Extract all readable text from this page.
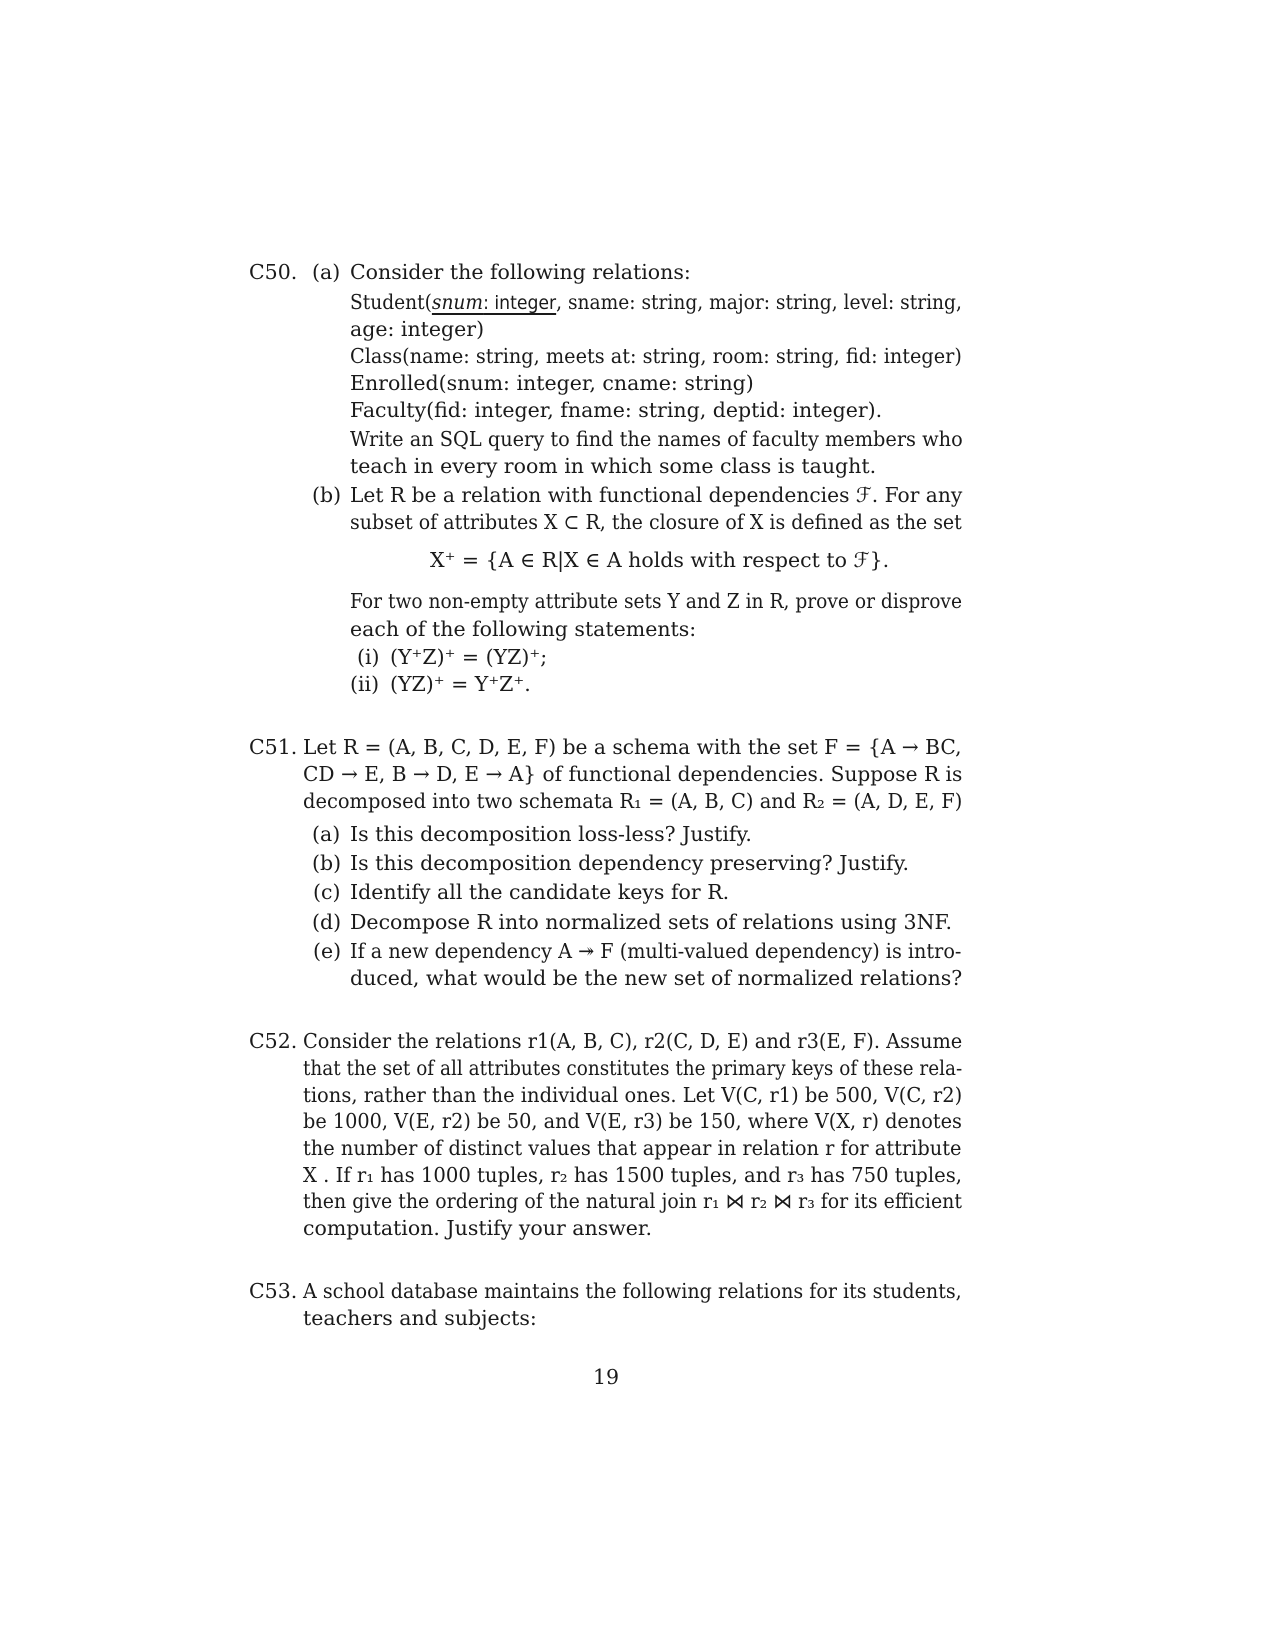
C50. (a) Consider the following relations:
Student(snum: integer, sname: string, major: string, level: string,
age: integer)
Class(name: string, meets at: string, room: string, fid: integer)
Enrolled(snum: integer, cname: string)
Faculty(fid: integer, fname: string, deptid: integer).
Write an SQL query to find the names of faculty members who
teach in every room in which some class is taught.
(b) Let R be a relation with functional dependencies ℱ. For any
subset of attributes X ⊂ R, the closure of X is defined as the set
X⁺ = {A ∈ R|X ∈ A holds with respect to ℱ}.
For two non-empty attribute sets Y and Z in R, prove or disprove
each of the following statements:
(i) (Y⁺Z)⁺ = (YZ)⁺;
(ii) (YZ)⁺ = Y⁺Z⁺.
C51. Let R = (A, B, C, D, E, F) be a schema with the set F = {A → BC,
CD → E, B → D, E → A} of functional dependencies. Suppose R is
decomposed into two schemata R₁ = (A, B, C) and R₂ = (A, D, E, F)
(a) Is this decomposition loss-less? Justify.
(b) Is this decomposition dependency preserving? Justify.
(c) Identify all the candidate keys for R.
(d) Decompose R into normalized sets of relations using 3NF.
(e) If a new dependency A ↠ F (multi-valued dependency) is intro-
duced, what would be the new set of normalized relations?
C52. Consider the relations r1(A, B, C), r2(C, D, E) and r3(E, F). Assume
that the set of all attributes constitutes the primary keys of these rela-
tions, rather than the individual ones. Let V(C, r1) be 500, V(C, r2)
be 1000, V(E, r2) be 50, and V(E, r3) be 150, where V(X, r) denotes
the number of distinct values that appear in relation r for attribute
X . If r₁ has 1000 tuples, r₂ has 1500 tuples, and r₃ has 750 tuples,
then give the ordering of the natural join r₁ ⋈ r₂ ⋈ r₃ for its efficient
computation. Justify your answer.
C53. A school database maintains the following relations for its students,
teachers and subjects:
19
